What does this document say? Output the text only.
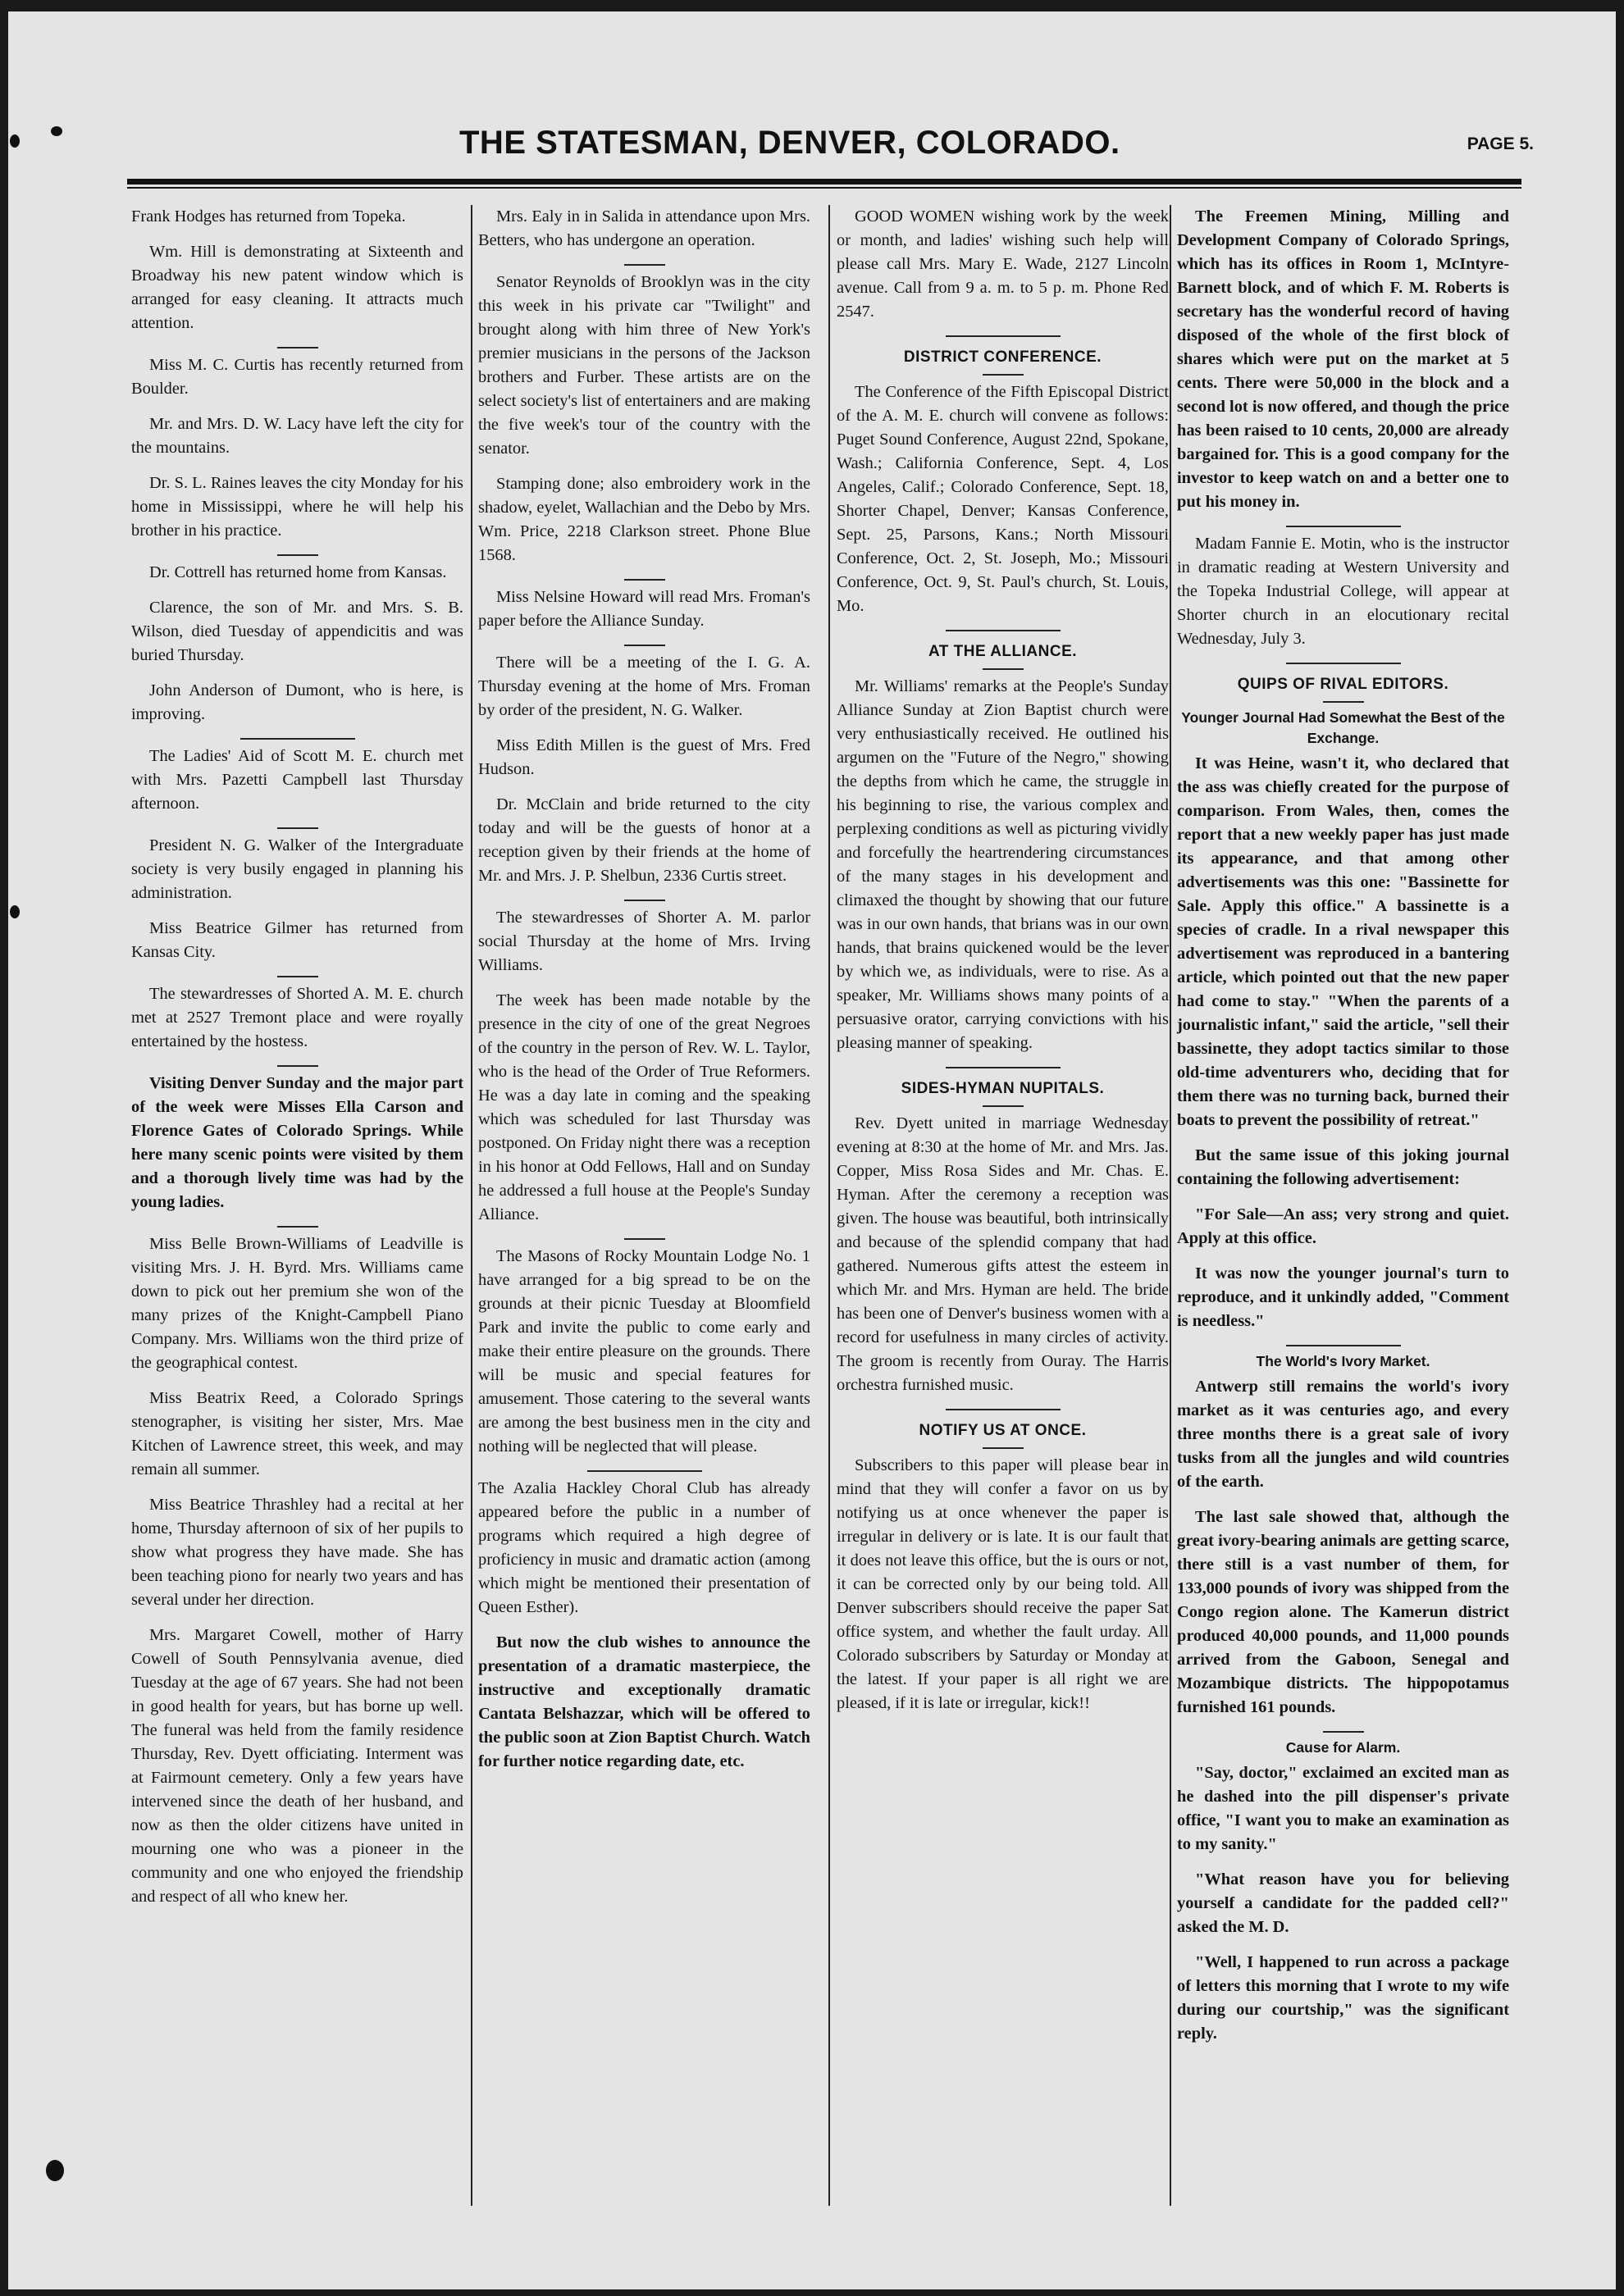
THE STATESMAN, DENVER, COLORADO.	PAGE 5.

Frank Hodges has returned from Topeka.

Wm. Hill is demonstrating at Sixteenth and Broadway his new patent window which is arranged for easy cleaning. It attracts much attention.

Miss M. C. Curtis has recently returned from Boulder.

Mr. and Mrs. D. W. Lacy have left the city for the mountains.

Dr. S. L. Raines leaves the city Monday for his home in Mississippi, where he will help his brother in his practice.

Dr. Cottrell has returned home from Kansas.

Clarence, the son of Mr. and Mrs. S. B. Wilson, died Tuesday of appendicitis and was buried Thursday.

John Anderson of Dumont, who is here, is improving.

The Ladies' Aid of Scott M. E. church met with Mrs. Pazetti Campbell last Thursday afternoon.

President N. G. Walker of the Intergraduate society is very busily engaged in planning his administration.

Miss Beatrice Gilmer has returned from Kansas City.

The stewardresses of Shorted A. M. E. church met at 2527 Tremont place and were royally entertained by the hostess.

Visiting Denver Sunday and the major part of the week were Misses Ella Carson and Florence Gates of Colorado Springs. While here many scenic points were visited by them and a thorough lively time was had by the young ladies.

Miss Belle Brown-Williams of Leadville is visiting Mrs. J. H. Byrd. Mrs. Williams came down to pick out her premium she won of the many prizes of the Knight-Campbell Piano Company. Mrs. Williams won the third prize of the geographical contest.

Miss Beatrix Reed, a Colorado Springs stenographer, is visiting her sister, Mrs. Mae Kitchen of Lawrence street, this week, and may remain all summer.

Miss Beatrice Thrashley had a recital at her home, Thursday afternoon of six of her pupils to show what progress they have made. She has been teaching piono for nearly two years and has several under her direction.

Mrs. Margaret Cowell, mother of Harry Cowell of South Pennsylvania avenue, died Tuesday at the age of 67 years. She had not been in good health for years, but has borne up well. The funeral was held from the family residence Thursday, Rev. Dyett officiating. Interment was at Fairmount cemetery. Only a few years have intervened since the death of her husband, and now as then the older citizens have united in mourning one who was a pioneer in the community and one who enjoyed the friendship and respect of all who knew her.

Mrs. Ealy in in Salida in attendance upon Mrs. Betters, who has undergone an operation.

Senator Reynolds of Brooklyn was in the city this week in his private car "Twilight" and brought along with him three of New York's premier musicians in the persons of the Jackson brothers and Furber. These artists are on the select society's list of entertainers and are making the five week's tour of the country with the senator.

Stamping done; also embroidery work in the shadow, eyelet, Wallachian and the Debo by Mrs. Wm. Price, 2218 Clarkson street. Phone Blue 1568.

Miss Nelsine Howard will read Mrs. Froman's paper before the Alliance Sunday.

There will be a meeting of the I. G. A. Thursday evening at the home of Mrs. Froman by order of the president, N. G. Walker.

Miss Edith Millen is the guest of Mrs. Fred Hudson.

Dr. McClain and bride returned to the city today and will be the guests of honor at a reception given by their friends at the home of Mr. and Mrs. J. P. Shelbun, 2336 Curtis street.

The stewardresses of Shorter A. M. parlor social Thursday at the home of Mrs. Irving Williams.

The week has been made notable by the presence in the city of one of the great Negroes of the country in the person of Rev. W. L. Taylor, who is the head of the Order of True Reformers. He was a day late in coming and the speaking which was scheduled for last Thursday was postponed. On Friday night there was a reception in his honor at Odd Fellows, Hall and on Sunday he addressed a full house at the People's Sunday Alliance.

The Masons of Rocky Mountain Lodge No. 1 have arranged for a big spread to be on the grounds at their picnic Tuesday at Bloomfield Park and invite the public to come early and make their entire pleasure on the grounds. There will be music and special features for amusement. Those catering to the several wants are among the best business men in the city and nothing will be neglected that will please.

The Azalia Hackley Choral Club has already appeared before the public in a number of programs which required a high degree of proficiency in music and dramatic action (among which might be mentioned their presentation of Queen Esther).

But now the club wishes to announce the presentation of a dramatic masterpiece, the instructive and exceptionally dramatic Cantata Belshazzar, which will be offered to the public soon at Zion Baptist Church. Watch for further notice regarding date, etc.

GOOD WOMEN wishing work by the week or month, and ladies' wishing such help will please call Mrs. Mary E. Wade, 2127 Lincoln avenue. Call from 9 a. m. to 5 p. m. Phone Red 2547.

DISTRICT CONFERENCE.

The Conference of the Fifth Episcopal District of the A. M. E. church will convene as follows: Puget Sound Conference, August 22nd, Spokane, Wash.; California Conference, Sept. 4, Los Angeles, Calif.; Colorado Conference, Sept. 18, Shorter Chapel, Denver; Kansas Conference, Sept. 25, Parsons, Kans.; North Missouri Conference, Oct. 2, St. Joseph, Mo.; Missouri Conference, Oct. 9, St. Paul's church, St. Louis, Mo.

AT THE ALLIANCE.

Mr. Williams' remarks at the People's Sunday Alliance Sunday at Zion Baptist church were very enthusiastically received. He outlined his argumen on the "Future of the Negro," showing the depths from which he came, the struggle in his beginning to rise, the various complex and perplexing conditions as well as picturing vividly and forcefully the heartrendering circumstances of the many stages in his development and climaxed the thought by showing that our future was in our own hands, that brians was in our own hands, that brains quickened would be the lever by which we, as individuals, were to rise. As a speaker, Mr. Williams shows many points of a persuasive orator, carrying convictions with his pleasing manner of speaking.

SIDES-HYMAN NUPITALS.

Rev. Dyett united in marriage Wednesday evening at 8:30 at the home of Mr. and Mrs. Jas. Copper, Miss Rosa Sides and Mr. Chas. E. Hyman. After the ceremony a reception was given. The house was beautiful, both intrinsically and because of the splendid company that had gathered. Numerous gifts attest the esteem in which Mr. and Mrs. Hyman are held. The bride has been one of Denver's business women with a record for usefulness in many circles of activity. The groom is recently from Ouray. The Harris orchestra furnished music.

NOTIFY US AT ONCE.

Subscribers to this paper will please bear in mind that they will confer a favor on us by notifying us at once whenever the paper is irregular in delivery or is late. It is our fault that it does not leave this office, but the is ours or not, it can be corrected only by our being told. All Denver subscribers should receive the paper Sat office system, and whether the fault urday. All Colorado subscribers by Saturday or Monday at the latest. If your paper is all right we are pleased, if it is late or irregular, kick!!

The Freemen Mining, Milling and Development Company of Colorado Springs, which has its offices in Room 1, McIntyre-Barnett block, and of which F. M. Roberts is secretary has the wonderful record of having disposed of the whole of the first block of shares which were put on the market at 5 cents. There were 50,000 in the block and a second lot is now offered, and though the price has been raised to 10 cents, 20,000 are already bargained for. This is a good company for the investor to keep watch on and a better one to put his money in.

Madam Fannie E. Motin, who is the instructor in dramatic reading at Western University and the Topeka Industrial College, will appear at Shorter church in an elocutionary recital Wednesday, July 3.

QUIPS OF RIVAL EDITORS.
Younger Journal Had Somewhat the Best of the Exchange.

It was Heine, wasn't it, who declared that the ass was chiefly created for the purpose of comparison. From Wales, then, comes the report that a new weekly paper has just made its appearance, and that among other advertisements was this one: "Bassinette for Sale. Apply this office." A bassinette is a species of cradle. In a rival newspaper this advertisement was reproduced in a bantering article, which pointed out that the new paper had come to stay." "When the parents of a journalistic infant," said the article, "sell their bassinette, they adopt tactics similar to those old-time adventurers who, deciding that for them there was no turning back, burned their boats to prevent the possibility of retreat."

But the same issue of this joking journal containing the following advertisement:

"For Sale—An ass; very strong and quiet. Apply at this office.

It was now the younger journal's turn to reproduce, and it unkindly added, "Comment is needless."

The World's Ivory Market.

Antwerp still remains the world's ivory market as it was centuries ago, and every three months there is a great sale of ivory tusks from all the jungles and wild countries of the earth.

The last sale showed that, although the great ivory-bearing animals are getting scarce, there still is a vast number of them, for 133,000 pounds of ivory was shipped from the Congo region alone. The Kamerun district produced 40,000 pounds, and 11,000 pounds arrived from the Gaboon, Senegal and Mozambique districts. The hippopotamus furnished 161 pounds.

Cause for Alarm.

"Say, doctor," exclaimed an excited man as he dashed into the pill dispenser's private office, "I want you to make an examination as to my sanity."

"What reason have you for believing yourself a candidate for the padded cell?" asked the M. D.

"Well, I happened to run across a package of letters this morning that I wrote to my wife during our courtship," was the significant reply.
